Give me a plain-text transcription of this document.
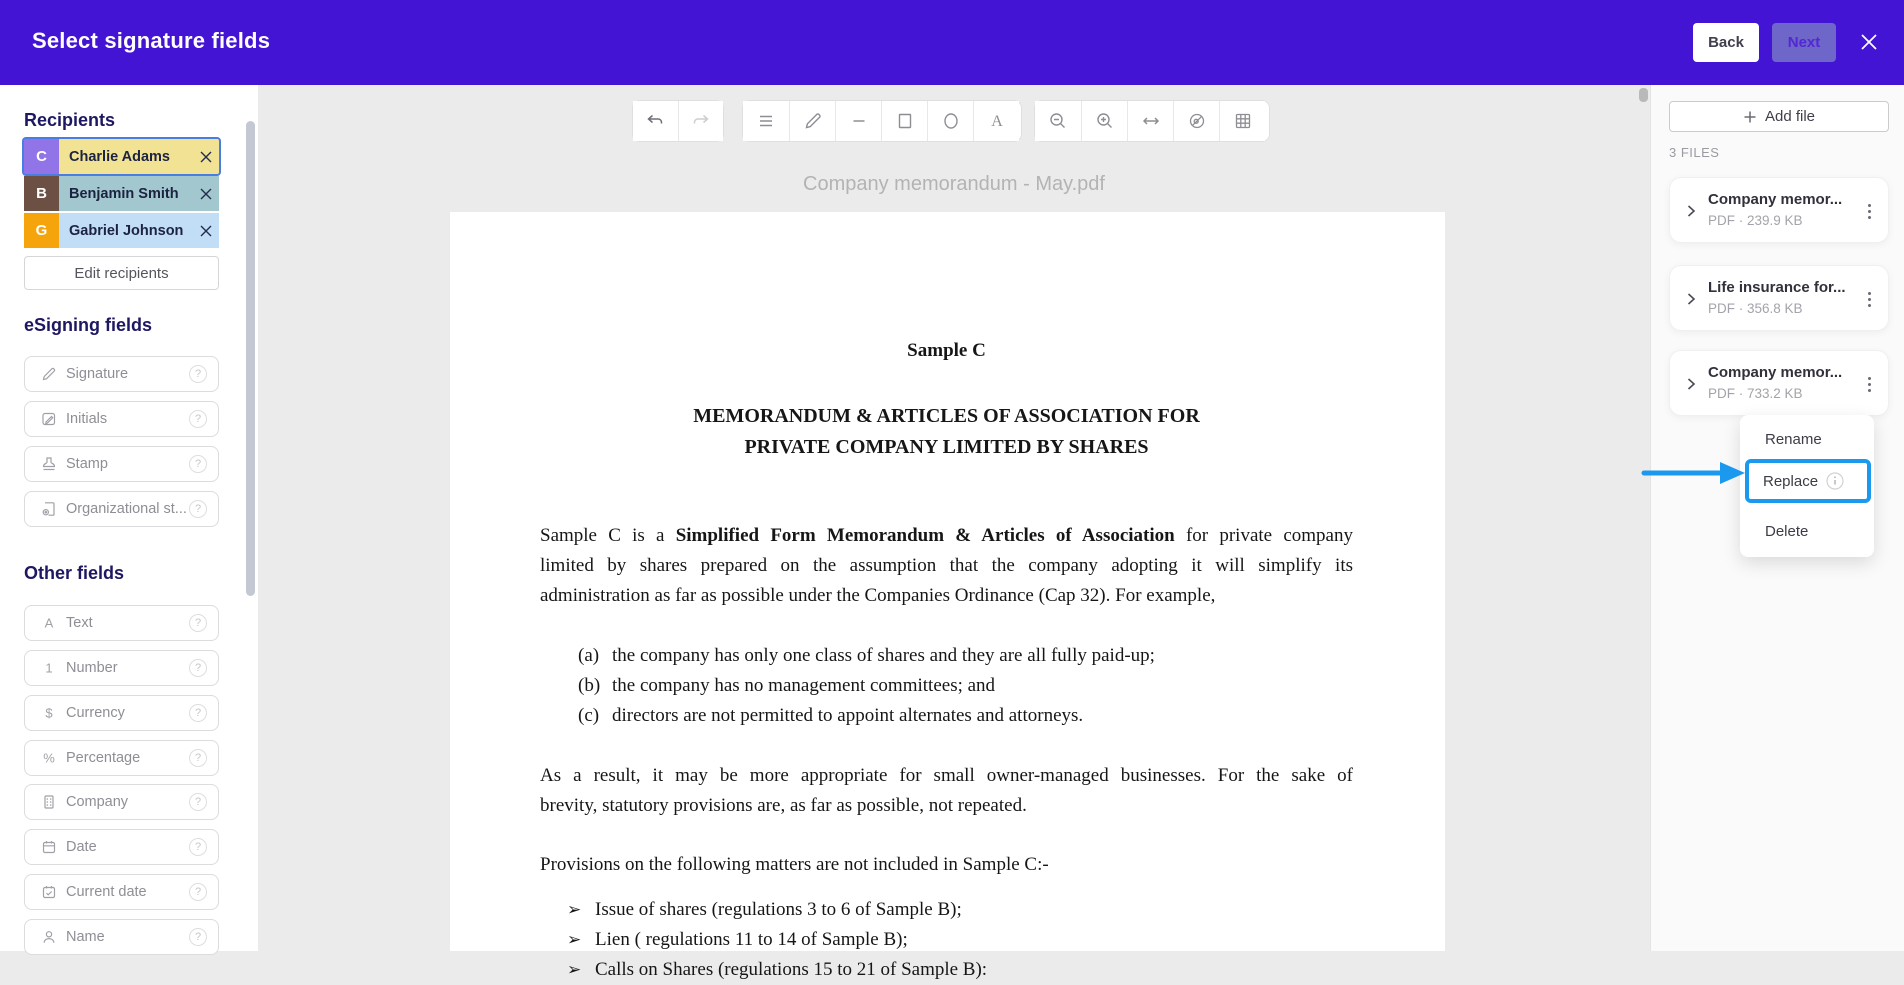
Select signature fields	Back	Next
Recipients
C	Charlie Adams
B	Benjamin Smith
G	Gabriel Johnson
Edit recipients
eSigning fields
Signature	?
Initials	?
Stamp	?
Organizational st... ?
Other fields
A Text	?
1 Number	?
$ Currency	?
% Percentage	?
Company	?
Date	?
Current date	?
Name	?
A
Company memorandum - May.pdf
Sample C
MEMORANDUM & ARTICLES OF ASSOCIATION FOR
PRIVATE COMPANY LIMITED BY SHARES
Sample C is a Simplified Form Memorandum & Articles of Association for private company
limited by shares prepared on the assumption that the company adopting it will simplify its
administration as far as possible under the Companies Ordinance (Cap 32). For example,
(a) the company has only one class of shares and they are all fully paid-up;
(b) the company has no management committees; and
(c) directors are not permitted to appoint alternates and attorneys.
As a result, it may be more appropriate for small owner-managed businesses. For the sake of
brevity, statutory provisions are, as far as possible, not repeated.
Provisions on the following matters are not included in Sample C:-
➢ Issue of shares (regulations 3 to 6 of Sample B);
➢ Lien ( regulations 11 to 14 of Sample B);
➢ Calls on Shares (regulations 15 to 21 of Sample B):
Add file
3 FILES
Company memor...
PDF · 239.9 KB
Life insurance for...
PDF · 356.8 KB
Company memor...
PDF · 733.2 KB
Rename
Delete
Replace
